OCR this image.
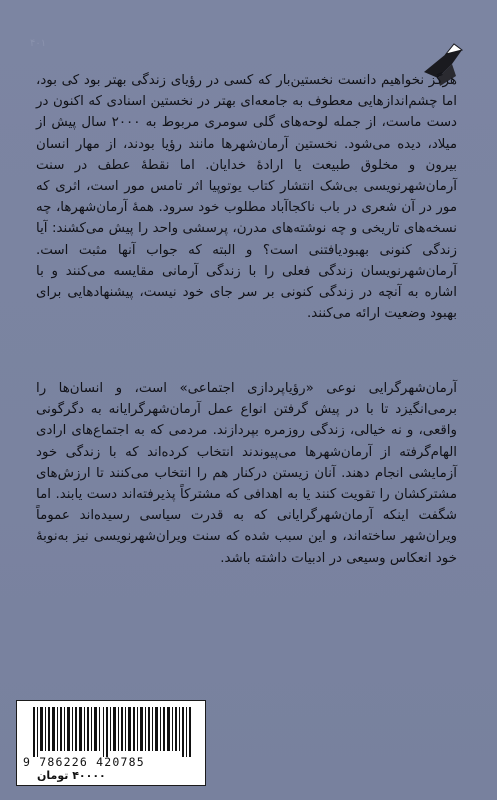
۴۰۱

هرگز نخواهیم دانست نخستین‌بار که کسی در رؤیای زندگی بهتر بود کی بود، اما چشم‌اندازهایی معطوف به جامعه‌ای بهتر در نخستین اسنادی که اکنون در دست ماست، از جمله لوحه‌های گلی سومری مربوط به ۲۰۰۰ سال پیش از میلاد، دیده می‌شود. نخستین آرمان‌شهرها مانند رؤیا بودند، از مهار انسان بیرون و مخلوق طبیعت یا ارادهٔ خدایان. اما نقطهٔ عطف در سنت آرمان‌شهرنویسی بی‌شک انتشار کتاب یوتوپیا اثر تامس مور است، اثری که مور در آن شعری در باب ناکجاآباد مطلوب خود سرود. همهٔ آرمان‌شهرها، چه نسخه‌های تاریخی و چه نوشته‌های مدرن، پرسشی واحد را پیش می‌کشند: آیا زندگی کنونی بهبودیافتنی است؟ و البته که جواب آنها مثبت است. آرمان‌شهرنویسان زندگی فعلی را با زندگی آرمانی مقایسه می‌کنند و با اشاره به آنچه در زندگی کنونی بر سر جای خود نیست، پیشنهادهایی برای بهبود وضعیت ارائه می‌کنند.

آرمان‌شهرگرایی نوعی «رؤیاپردازی اجتماعی» است، و انسان‌ها را برمی‌انگیزد تا با در پیش گرفتن انواع عمل آرمان‌شهرگرایانه به دگرگونی واقعی، و نه خیالی، زندگی روزمره بپردازند. مردمی که به اجتماع‌های ارادی الهام‌گرفته از آرمان‌شهرها می‌پیوندند انتخاب کرده‌اند که با زندگی خود آزمایشی انجام دهند. آنان زیستن درکنار هم را انتخاب می‌کنند تا ارزش‌های مشترکشان را تقویت کنند یا به اهدافی که مشترکاً پذیرفته‌اند دست یابند. اما شگفت اینکه آرمان‌شهرگرایانی که به قدرت سیاسی رسیده‌اند عموماً ویران‌شهر ساخته‌اند، و این سبب شده که سنت ویران‌شهرنویسی نیز به‌نوبهٔ خود انعکاس وسیعی در ادبیات داشته باشد.

9 786226 420785
۴۰۰۰۰ تومان
